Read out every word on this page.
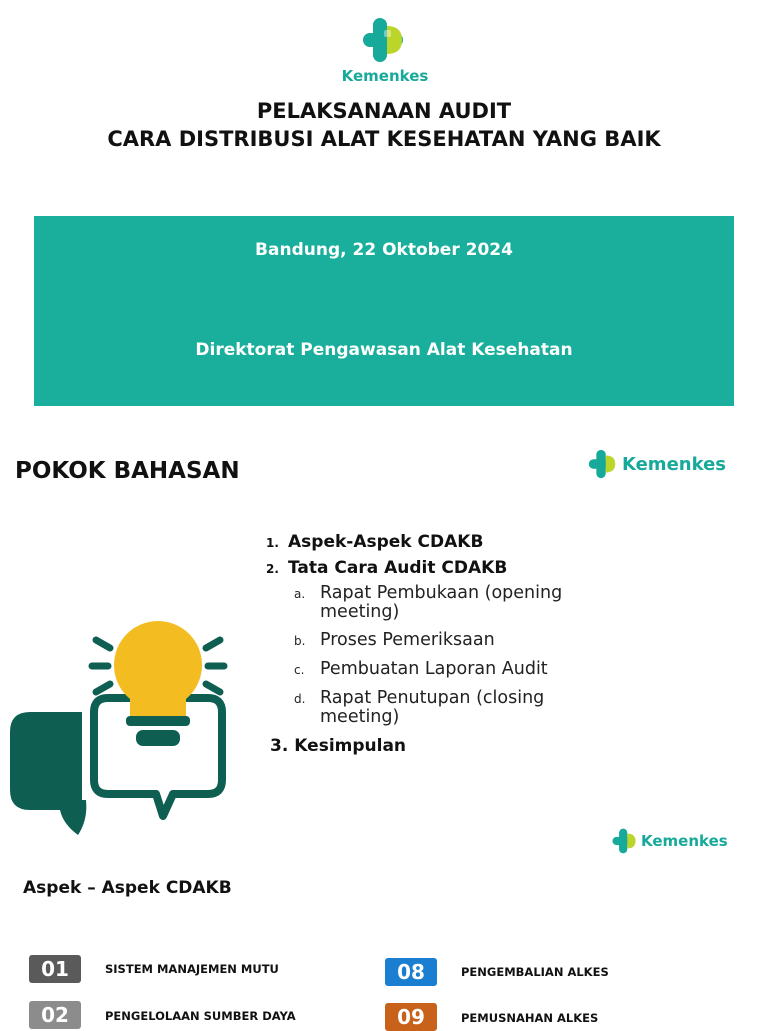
Kemenkes
PELAKSANAAN AUDIT
CARA DISTRIBUSI ALAT KESEHATAN YANG BAIK
Bandung, 22 Oktober 2024
Direktorat Pengawasan Alat Kesehatan
POKOK BAHASAN	Kemenkes
1. Aspek-Aspek CDAKB
2. Tata Cara Audit CDAKB
a. Rapat Pembukaan (opening meeting)
b. Proses Pemeriksaan
c. Pembuatan Laporan Audit
d. Rapat Penutupan (closing meeting)
3. Kesimpulan
Kemenkes
Aspek – Aspek CDAKB
01	SISTEM MANAJEMEN MUTU
02	PENGELOLAAN SUMBER DAYA
08	PENGEMBALIAN ALKES
09	PEMUSNAHAN ALKES
